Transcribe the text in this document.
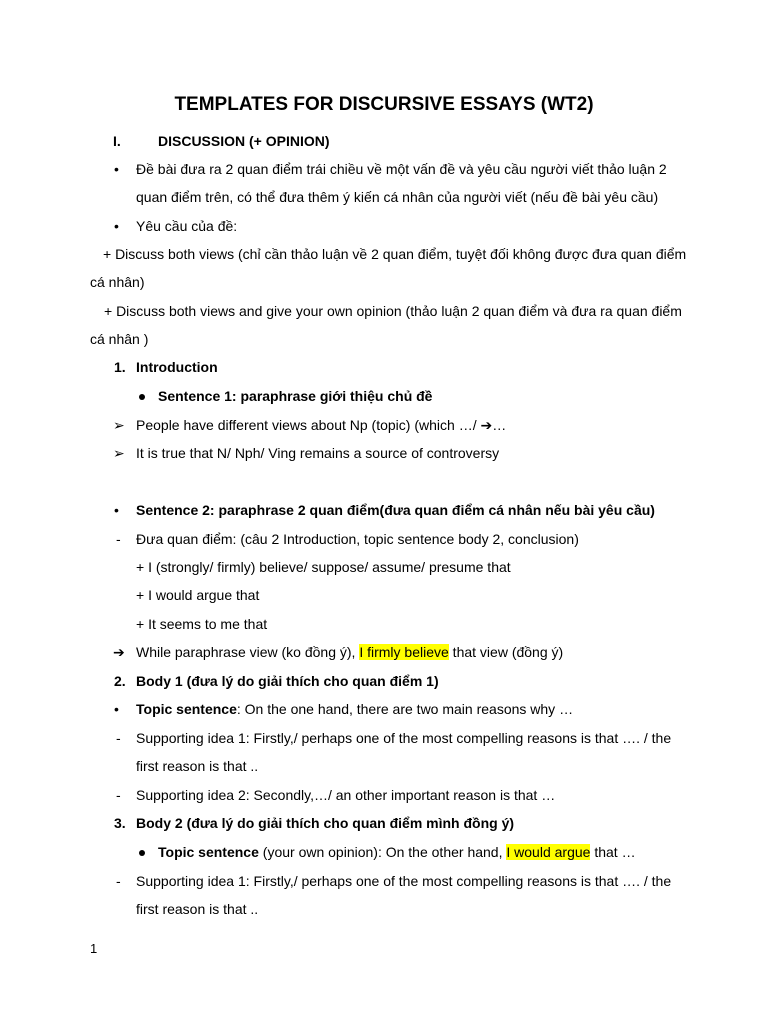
TEMPLATES FOR DISCURSIVE ESSAYS (WT2)
I.	DISCUSSION (+ OPINION)
• Đề bài đưa ra 2 quan điểm trái chiều về một vấn đề và yêu cầu người viết thảo luận 2
quan điểm trên, có thể đưa thêm ý kiến cá nhân của người viết (nếu đề bài yêu cầu)
• Yêu cầu của đề:
+ Discuss both views (chỉ cần thảo luận về 2 quan điểm, tuyệt đối không được đưa quan điểm
cá nhân)
+ Discuss both views and give your own opinion (thảo luận 2 quan điểm và đưa ra quan điểm
cá nhân )
1. Introduction
Sentence 1: paraphrase giới thiệu chủ đề
➢ People have different views about Np (topic) (which …/ ➔…
➢ It is true that N/ Nph/ Ving remains a source of controversy
• Sentence 2: paraphrase 2 quan điểm(đưa quan điểm cá nhân nếu bài yêu cầu)
- Đưa quan điểm: (câu 2 Introduction, topic sentence body 2, conclusion)
+ I (strongly/ firmly) believe/ suppose/ assume/ presume that
+ I would argue that
+ It seems to me that
➔ While paraphrase view (ko đồng ý), I firmly believe that view (đồng ý)
2. Body 1 (đưa lý do giải thích cho quan điểm 1)
• Topic sentence: On the one hand, there are two main reasons why …
- Supporting idea 1: Firstly,/ perhaps one of the most compelling reasons is that …. / the
first reason is that ..
- Supporting idea 2: Secondly,…/ an other important reason is that …
3. Body 2 (đưa lý do giải thích cho quan điểm mình đồng ý)
Topic sentence (your own opinion): On the other hand, I would argue that …
- Supporting idea 1: Firstly,/ perhaps one of the most compelling reasons is that …. / the
first reason is that ..
1
